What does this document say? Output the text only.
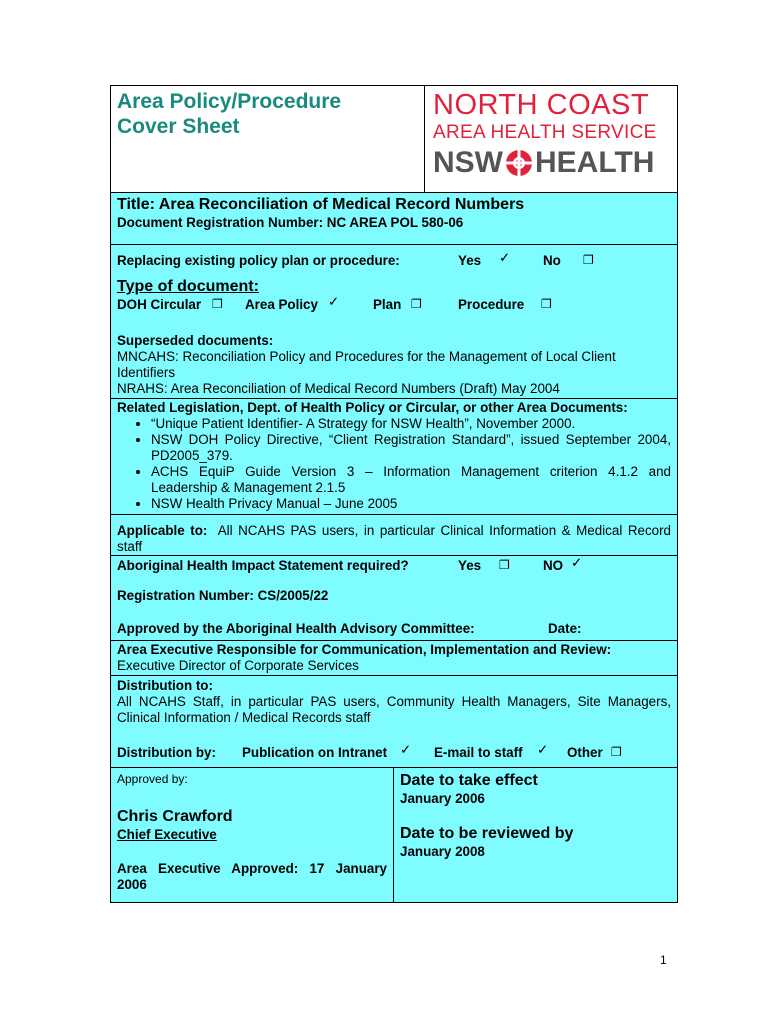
Area Policy/Procedure
Cover Sheet
NORTH COAST
AREA HEALTH SERVICE
NSW HEALTH
Title: Area Reconciliation of Medical Record Numbers
Document Registration Number: NC AREA POL 580-06
Replacing existing policy plan or procedure:	Yes ✓ No ❐
Type of document:
DOH Circular ❐ Area Policy ✓	Plan ❐	Procedure ❐
Superseded documents:
MNCAHS: Reconciliation Policy and Procedures for the Management of Local Client Identifiers
NRAHS: Area Reconciliation of Medical Record Numbers (Draft) May 2004
Related Legislation, Dept. of Health Policy or Circular, or other Area Documents:
• “Unique Patient Identifier- A Strategy for NSW Health”, November 2000.
• NSW DOH Policy Directive, “Client Registration Standard”, issued September 2004, PD2005_379.
• ACHS EquiP Guide Version 3 – Information Management criterion 4.1.2 and Leadership & Management 2.1.5
• NSW Health Privacy Manual – June 2005
Applicable to: All NCAHS PAS users, in particular Clinical Information & Medical Record staff
Aboriginal Health Impact Statement required?	Yes ❐ NO ✓
Registration Number: CS/2005/22
Approved by the Aboriginal Health Advisory Committee:	Date:
Area Executive Responsible for Communication, Implementation and Review:
Executive Director of Corporate Services
Distribution to:
All NCAHS Staff, in particular PAS users, Community Health Managers, Site Managers, Clinical Information / Medical Records staff
Distribution by: Publication on Intranet ✓ E-mail to staff ✓ Other ❐
Approved by:
Chris Crawford
Chief Executive
Area Executive Approved: 17 January 2006
Date to take effect
January 2006
Date to be reviewed by
January 2008
1
